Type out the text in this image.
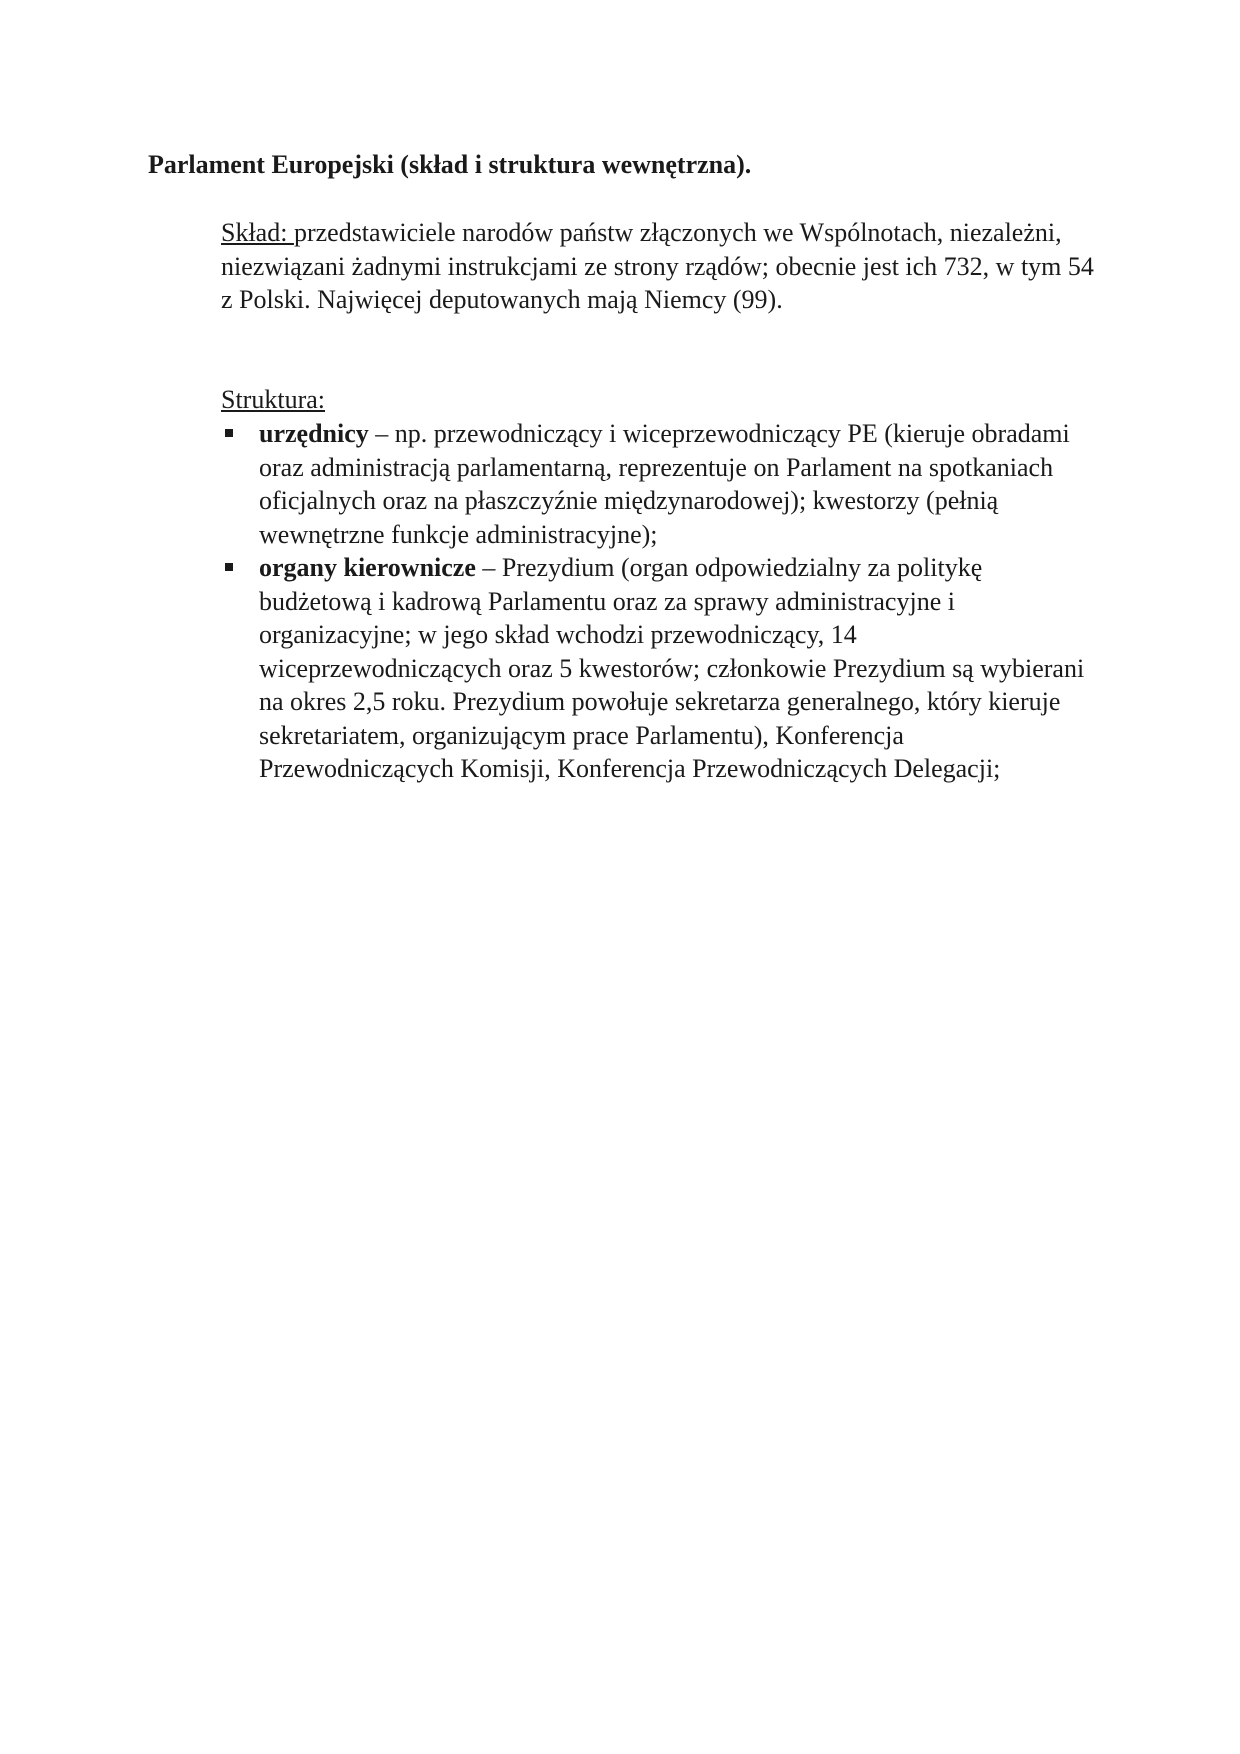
Parlament Europejski (skład i struktura wewnętrzna).

Skład: przedstawiciele narodów państw złączonych we Wspólnotach, niezależni, niezwiązani żadnymi instrukcjami ze strony rządów; obecnie jest ich 732, w tym 54 z Polski. Najwięcej deputowanych mają Niemcy (99).

Struktura:

urzędnicy – np. przewodniczący i wiceprzewodniczący PE (kieruje obradami oraz administracją parlamentarną, reprezentuje on Parlament na spotkaniach oficjalnych oraz na płaszczyźnie międzynarodowej); kwestorzy (pełnią wewnętrzne funkcje administracyjne);
organy kierownicze – Prezydium (organ odpowiedzialny za politykę budżetową i kadrową Parlamentu oraz za sprawy administracyjne i organizacyjne; w jego skład wchodzi przewodniczący, 14 wiceprzewodniczących oraz 5 kwestorów; członkowie Prezydium są wybierani na okres 2,5 roku. Prezydium powołuje sekretarza generalnego, który kieruje sekretariatem, organizującym prace Parlamentu), Konferencja Przewodniczących Komisji, Konferencja Przewodniczących Delegacji;
